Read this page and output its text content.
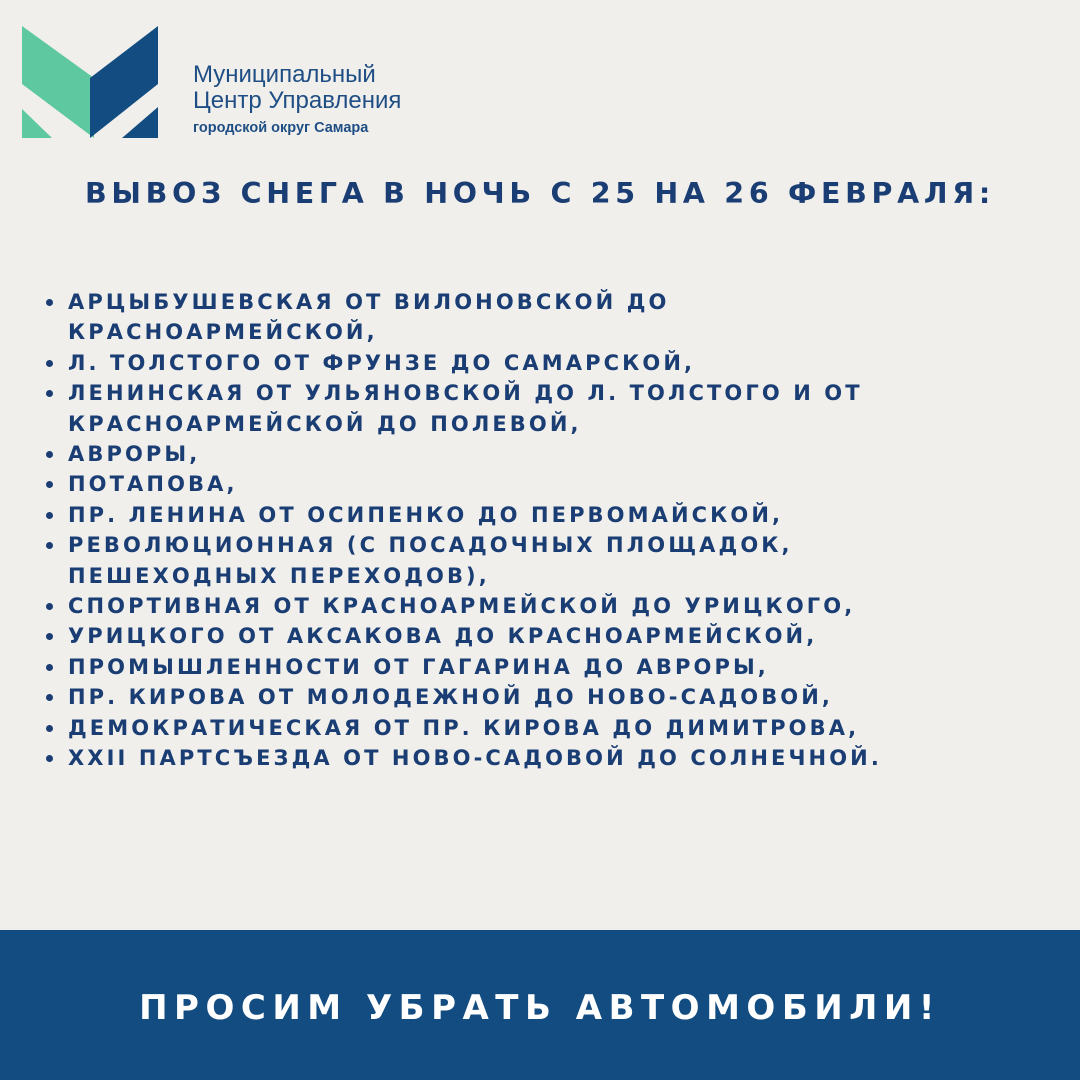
Муниципальный
Центр Управления
городской округ Самара
ВЫВОЗ СНЕГА В НОЧЬ С 25 НА 26 ФЕВРАЛЯ:
АРЦЫБУШЕВСКАЯ ОТ ВИЛОНОВСКОЙ ДО
КРАСНОАРМЕЙСКОЙ,
Л. ТОЛСТОГО ОТ ФРУНЗЕ ДО САМАРСКОЙ,
ЛЕНИНСКАЯ ОТ УЛЬЯНОВСКОЙ ДО Л. ТОЛСТОГО И ОТ
КРАСНОАРМЕЙСКОЙ ДО ПОЛЕВОЙ,
АВРОРЫ,
ПОТАПОВА,
ПР. ЛЕНИНА ОТ ОСИПЕНКО ДО ПЕРВОМАЙСКОЙ,
РЕВОЛЮЦИОННАЯ (С ПОСАДОЧНЫХ ПЛОЩАДОК,
ПЕШЕХОДНЫХ ПЕРЕХОДОВ),
СПОРТИВНАЯ ОТ КРАСНОАРМЕЙСКОЙ ДО УРИЦКОГО,
УРИЦКОГО ОТ АКСАКОВА ДО КРАСНОАРМЕЙСКОЙ,
ПРОМЫШЛЕННОСТИ ОТ ГАГАРИНА ДО АВРОРЫ,
ПР. КИРОВА ОТ МОЛОДЕЖНОЙ ДО НОВО-САДОВОЙ,
ДЕМОКРАТИЧЕСКАЯ ОТ ПР. КИРОВА ДО ДИМИТРОВА,
XXII ПАРТСЪЕЗДА ОТ НОВО-САДОВОЙ ДО СОЛНЕЧНОЙ.
ПРОСИМ УБРАТЬ АВТОМОБИЛИ!
